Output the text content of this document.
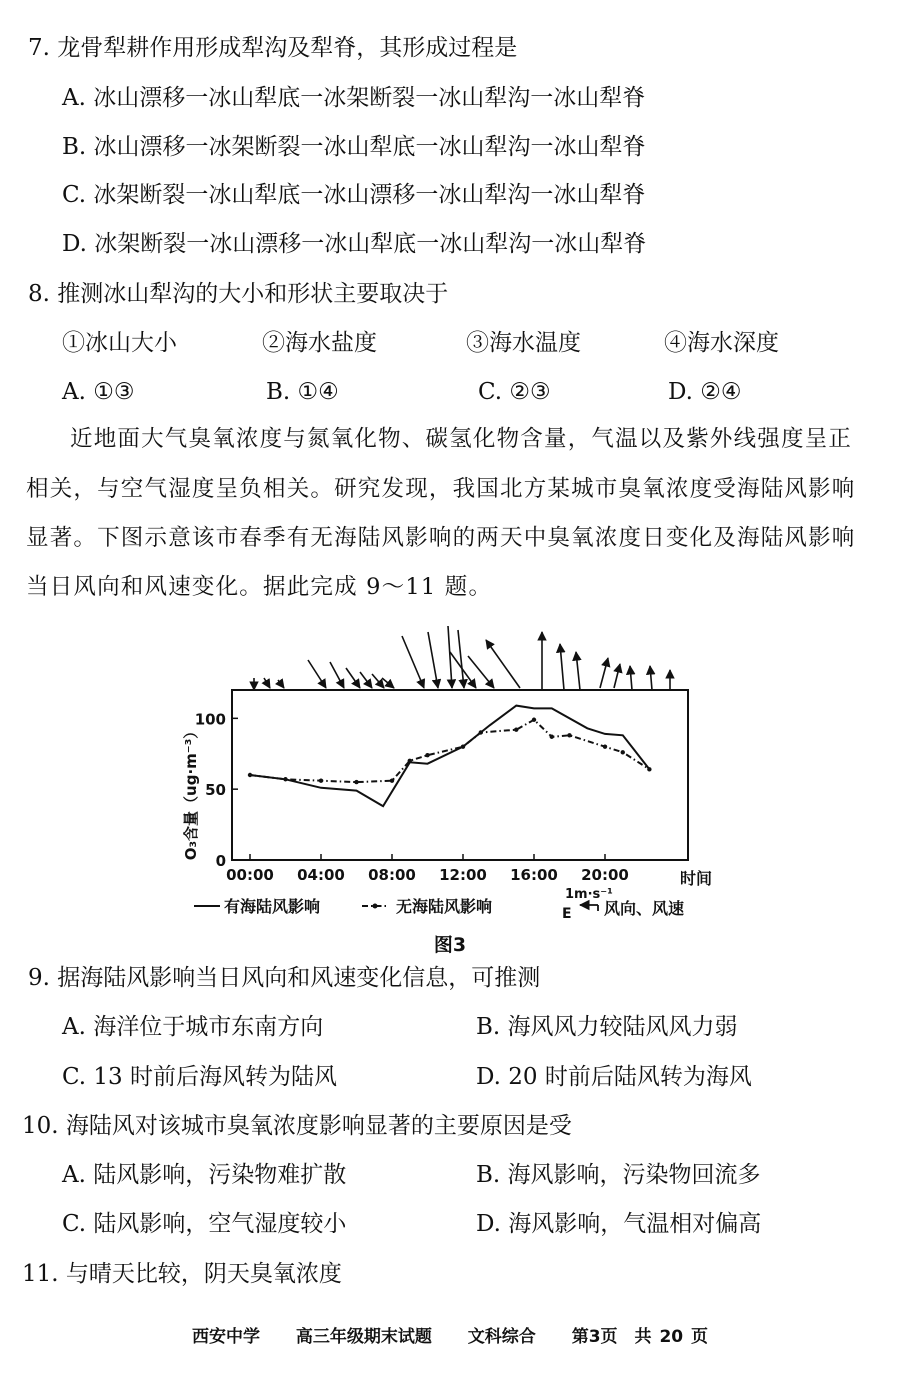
7. 龙骨犁耕作用形成犁沟及犁脊，其形成过程是
A. 冰山漂移一冰山犁底一冰架断裂一冰山犁沟一冰山犁脊
B. 冰山漂移一冰架断裂一冰山犁底一冰山犁沟一冰山犁脊
C. 冰架断裂一冰山犁底一冰山漂移一冰山犁沟一冰山犁脊
D. 冰架断裂一冰山漂移一冰山犁底一冰山犁沟一冰山犁脊
8. 推测冰山犁沟的大小和形状主要取决于
①冰山大小	②海水盐度	③海水温度	④海水深度
A. ①③	B. ①④	C. ②③	D. ②④
近地面大气臭氧浓度与氮氧化物、碳氢化物含量，气温以及紫外线强度呈正
相关，与空气湿度呈负相关。研究发现，我国北方某城市臭氧浓度受海陆风影响
显著。下图示意该市春季有无海陆风影响的两天中臭氧浓度日变化及海陆风影响
当日风向和风速变化。据此完成 9～11 题。
0
50
100
00:00 04:00 08:00 12:00 16:00 20:00
O₃含量（ug·m⁻³）
时间
有海陆风影响	无海陆风影响
1m·s⁻¹
E 风向、风速
图3
9. 据海陆风影响当日风向和风速变化信息，可推测
A. 海洋位于城市东南方向	B. 海风风力较陆风风力弱
C. 13 时前后海风转为陆风	D. 20 时前后陆风转为海风
10. 海陆风对该城市臭氧浓度影响显著的主要原因是受
A. 陆风影响，污染物难扩散	B. 海风影响，污染物回流多
C. 陆风影响，空气湿度较小	D. 海风影响，气温相对偏高
11. 与晴天比较，阴天臭氧浓度
西安中学 高三年级期末试题 文科综合 第3页　共 20 页
